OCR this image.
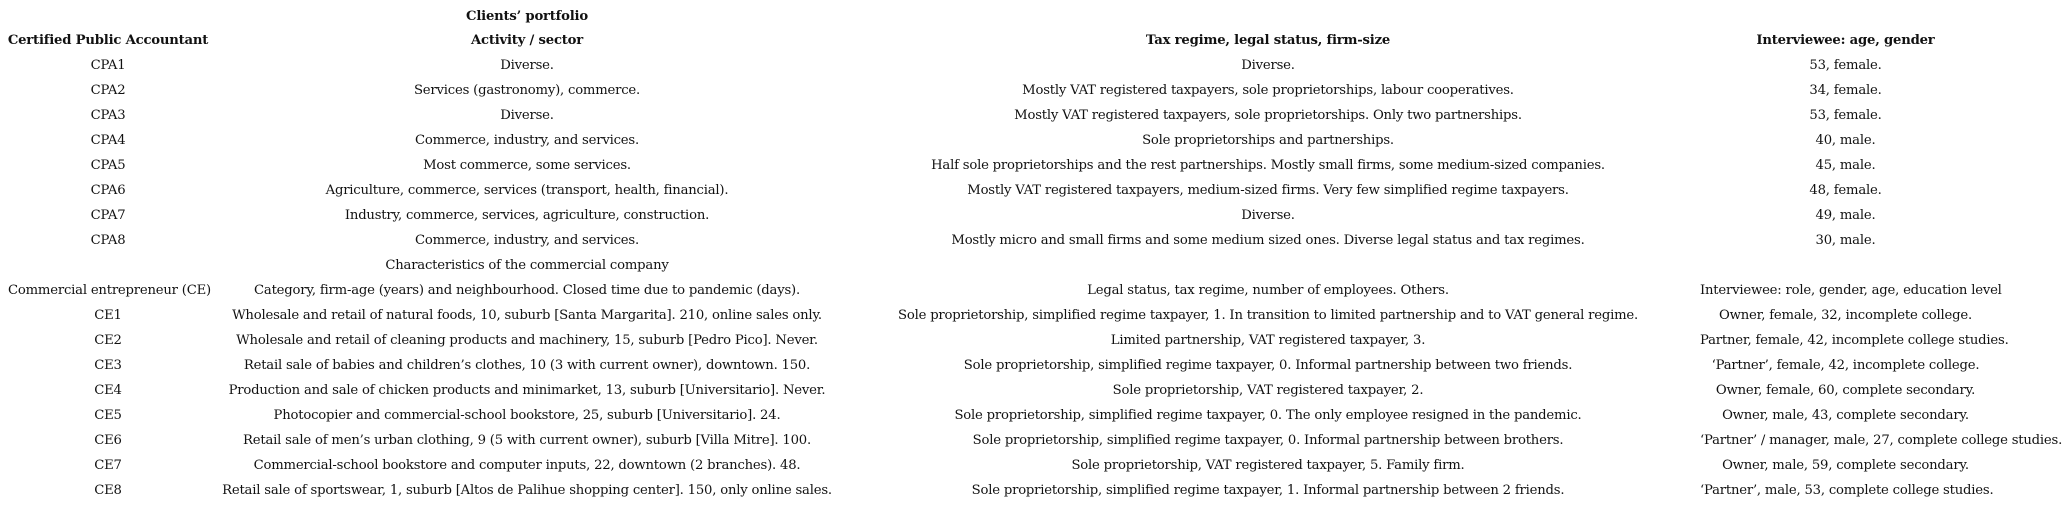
	Clients’ portfolio		
Certified Public Accountant	Activity / sector	Tax regime, legal status, firm-size	Interviewee: age, gender
CPA1	Diverse.	Diverse.	53, female.
CPA2	Services (gastronomy), commerce.	Mostly VAT registered taxpayers, sole proprietorships, labour cooperatives.	34, female.
CPA3	Diverse.	Mostly VAT registered taxpayers, sole proprietorships. Only two partnerships.	53, female.
CPA4	Commerce, industry, and services.	Sole proprietorships and partnerships.	40, male.
CPA5	Most commerce, some services.	Half sole proprietorships and the rest partnerships. Mostly small firms, some medium-sized companies.	45, male.
CPA6	Agriculture, commerce, services (transport, health, financial).	Mostly VAT registered taxpayers, medium-sized firms. Very few simplified regime taxpayers.	48, female.
CPA7	Industry, commerce, services, agriculture, construction.	Diverse.	49, male.
CPA8	Commerce, industry, and services.	Mostly micro and small firms and some medium sized ones. Diverse legal status and tax regimes.	30, male.
	Characteristics of the commercial company		
Commercial entrepreneur (CE)	Category, firm-age (years) and neighbourhood. Closed time due to pandemic (days).	Legal status, tax regime, number of employees. Others.	Interviewee: role, gender, age, education level
CE1	Wholesale and retail of natural foods, 10, suburb [Santa Margarita]. 210, online sales only.	Sole proprietorship, simplified regime taxpayer, 1. In transition to limited partnership and to VAT general regime.	Owner, female, 32, incomplete college.
CE2	Wholesale and retail of cleaning products and machinery, 15, suburb [Pedro Pico]. Never.	Limited partnership, VAT registered taxpayer, 3.	Partner, female, 42, incomplete college studies.
CE3	Retail sale of babies and children’s clothes, 10 (3 with current owner), downtown. 150.	Sole proprietorship, simplified regime taxpayer, 0. Informal partnership between two friends.	‘Partner’, female, 42, incomplete college.
CE4	Production and sale of chicken products and minimarket, 13, suburb [Universitario]. Never.	Sole proprietorship, VAT registered taxpayer, 2.	Owner, female, 60, complete secondary.
CE5	Photocopier and commercial-school bookstore, 25, suburb [Universitario]. 24.	Sole proprietorship, simplified regime taxpayer, 0. The only employee resigned in the pandemic.	Owner, male, 43, complete secondary.
CE6	Retail sale of men’s urban clothing, 9 (5 with current owner), suburb [Villa Mitre]. 100.	Sole proprietorship, simplified regime taxpayer, 0. Informal partnership between brothers.	‘Partner’ / manager, male, 27, complete college studies.
CE7	Commercial-school bookstore and computer inputs, 22, downtown (2 branches). 48.	Sole proprietorship, VAT registered taxpayer, 5. Family firm.	Owner, male, 59, complete secondary.
CE8	Retail sale of sportswear, 1, suburb [Altos de Palihue shopping center]. 150, only online sales.	Sole proprietorship, simplified regime taxpayer, 1. Informal partnership between 2 friends.	‘Partner’, male, 53, complete college studies.
